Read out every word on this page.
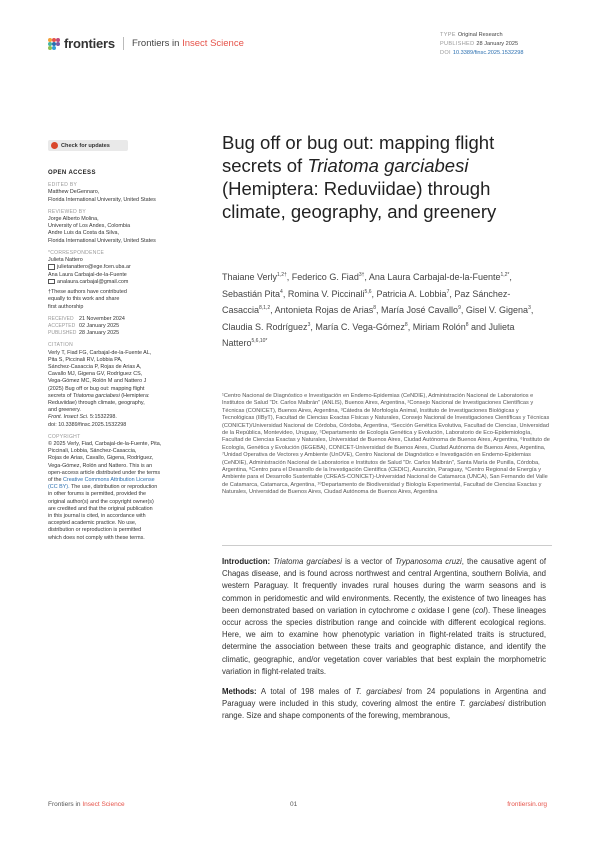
frontiers Frontiers in Insect Science
TYPE Original Research
PUBLISHED 28 January 2025
DOI 10.3389/finsc.2025.1532298
Check for updates
OPEN ACCESS
EDITED BY
Matthew DeGennaro,
Florida International University, United States
REVIEWED BY
Jorge Alberto Molina,
University of Los Andes, Colombia
Andre Luis da Costa da Silva,
Florida International University, United States
*CORRESPONDENCE
Julieta Nattero
julietanattero@ege.fcen.uba.ar
Ana Laura Carbajal-de-la-Fuente
analaura.carbajal@gmail.com
†These authors have contributed
equally to this work and share
first authorship
RECEIVED	21 November 2024
ACCEPTED 02 January 2025
PUBLISHED 28 January 2025
CITATION
Verly T, Fiad FG, Carbajal-de-la-Fuente AL,
Pita S, Piccinali RV, Lobbia PA,
Sánchez-Casaccia P, Rojas de Arias A,
Cavallo MJ, Gigena GV, Rodríguez CS,
Vega-Gómez MC, Rolón M and Nattero J
(2025) Bug off or bug out: mapping flight
secrets of Triatoma garciabesi (Hemiptera:
Reduviidae) through climate, geography,
and greenery.
Front. Insect Sci. 5:1532298.
doi: 10.3389/finsc.2025.1532298
COPYRIGHT
© 2025 Verly, Fiad, Carbajal-de-la-Fuente, Pita,
Piccinali, Lobbia, Sánchez-Casaccia,
Rojas de Arias, Cavallo, Gigena, Rodríguez,
Vega-Gómez, Rolón and Nattero. This is an
open-access article distributed under the terms
of the Creative Commons Attribution License
(CC BY). The use, distribution or reproduction
in other forums is permitted, provided the
original author(s) and the copyright owner(s)
are credited and that the original publication
in this journal is cited, in accordance with
accepted academic practice. No use,
distribution or reproduction is permitted
which does not comply with these terms.
Bug off or bug out: mapping flight secrets of Triatoma garciabesi (Hemiptera: Reduviidae) through climate, geography, and greenery
Thaiane Verly$^{1,2\dagger}$, Federico G. Fiad$^{3\dagger}$, Ana Laura Carbajal-de-la-Fuente$^{1,2*}$, Sebastián Pita$^4$, Romina V. Piccinali$^{5,6}$, Patricia A. Lobbia$^7$, Paz Sánchez-Casaccia$^{8,1,2}$, Antonieta Rojas de Arias$^8$, María José Cavallo$^9$, Gisel V. Gigena$^3$, Claudia S. Rodríguez$^3$, María C. Vega-Gómez$^8$, Miriam Rolón$^8$ and Julieta Nattero$^{5,6,10*}$
¹Centro Nacional de Diagnóstico e Investigación en Endemo-Epidemias (CeNDIE), Administración Nacional de Laboratorios e Institutos de Salud "Dr. Carlos Malbrán" (ANLIS), Buenos Aires, Argentina, ²Consejo Nacional de Investigaciones Científicas y Técnicas (CONICET), Buenos Aires, Argentina, ³Cátedra de Morfología Animal, Instituto de Investigaciones Biológicas y Tecnológicas (IIByT), Facultad de Ciencias Exactas Físicas y Naturales, Consejo Nacional de Investigaciones Científicas y Técnicas (CONICET)/Universidad Nacional de Córdoba, Córdoba, Argentina, ⁴Sección Genética Evolutiva, Facultad de Ciencias, Universidad de la República, Montevideo, Uruguay, ⁵Departamento de Ecología Genética y Evolución, Laboratorio de Eco-Epidemiología, Facultad de Ciencias Exactas y Naturales, Universidad de Buenos Aires, Ciudad Autónoma de Buenos Aires, Argentina, ⁶Instituto de Ecología, Genética y Evolución (IEGEBA), CONICET-Universidad de Buenos Aires, Ciudad Autónoma de Buenos Aires, Argentina, ⁷Unidad Operativa de Vectores y Ambiente (UnOVE), Centro Nacional de Diagnóstico e Investigación en Endemo-Epidemias (CeNDIE), Administración Nacional de Laboratorios e Institutos de Salud "Dr. Carlos Malbrán", Santa María de Punilla, Córdoba, Argentina, ⁸Centro para el Desarrollo de la Investigación Científica (CEDIC), Asunción, Paraguay, ⁹Centro Regional de Energía y Ambiente para el Desarrollo Sustentable (CREAS-CONICET)-Universidad Nacional de Catamarca (UNCA), San Fernando del Valle de Catamarca, Catamarca, Argentina, ¹⁰Departamento de Biodiversidad y Biología Experimental, Facultad de Ciencias Exactas y Naturales, Universidad de Buenos Aires, Ciudad Autónoma de Buenos Aires, Argentina

Introduction: Triatoma garciabesi is a vector of Trypanosoma cruzi, the causative agent of Chagas disease, and is found across northwest and central Argentina, southern Bolivia, and western Paraguay. It frequently invades rural houses during the warm seasons and is common in peridomestic and wild environments. Recently, the existence of two lineages has been demonstrated based on variation in cytochrome c oxidase I gene (coI). These lineages occur across the species distribution range and coincide with different ecological regions. Here, we aim to examine how phenotypic variation in flight-related traits is structured, determine the association between these traits and geographic distance, and identify the climatic, geographic, and/or vegetation cover variables that best explain the morphometric variation in flight-related traits.

Methods: A total of 198 males of T. garciabesi from 24 populations in Argentina and Paraguay were included in this study, covering almost the entire T. garciabesi distribution range. Size and shape components of the forewing, membranous,

Frontiers in Insect Science	01	frontiersin.org
